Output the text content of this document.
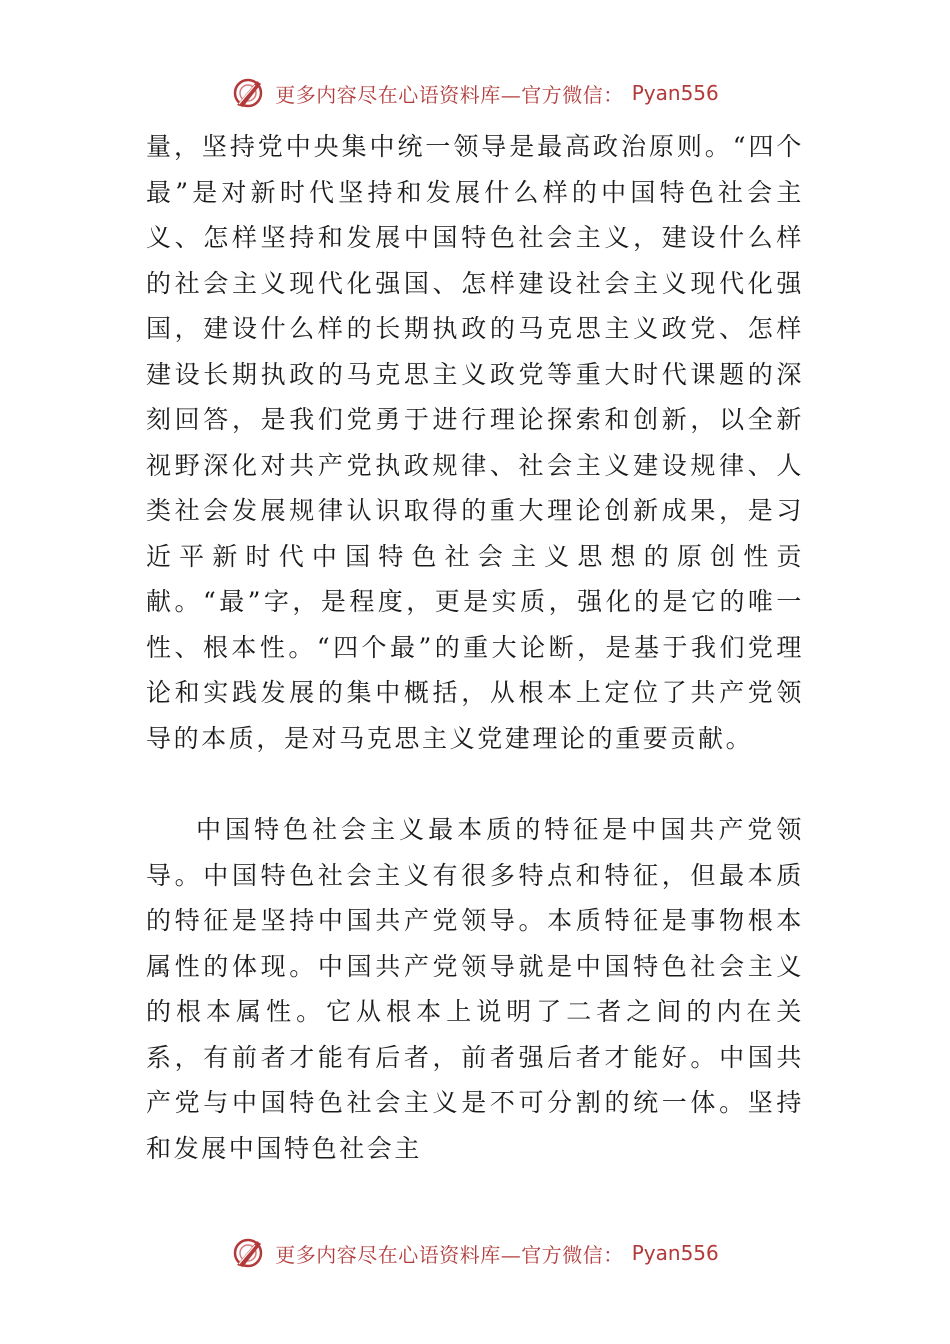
更多内容尽在心语资料库—官方微信： Pyan556

量，坚持党中央集中统一领导是最高政治原则。“四个最”是对新时代坚持和发展什么样的中国特色社会主义、怎样坚持和发展中国特色社会主义，建设什么样的社会主义现代化强国、怎样建设社会主义现代化强国，建设什么样的长期执政的马克思主义政党、怎样建设长期执政的马克思主义政党等重大时代课题的深刻回答，是我们党勇于进行理论探索和创新，以全新视野深化对共产党执政规律、社会主义建设规律、人类社会发展规律认识取得的重大理论创新成果，是习近平新时代中国特色社会主义思想的原创性贡献。“最”字，是程度，更是实质，强化的是它的唯一性、根本性。“四个最”的重大论断，是基于我们党理论和实践发展的集中概括，从根本上定位了共产党领导的本质，是对马克思主义党建理论的重要贡献。

中国特色社会主义最本质的特征是中国共产党领导。中国特色社会主义有很多特点和特征，但最本质的特征是坚持中国共产党领导。本质特征是事物根本属性的体现。中国共产党领导就是中国特色社会主义的根本属性。它从根本上说明了二者之间的内在关系，有前者才能有后者，前者强后者才能好。中国共产党与中国特色社会主义是不可分割的统一体。坚持和发展中国特色社会主

更多内容尽在心语资料库—官方微信： Pyan556
